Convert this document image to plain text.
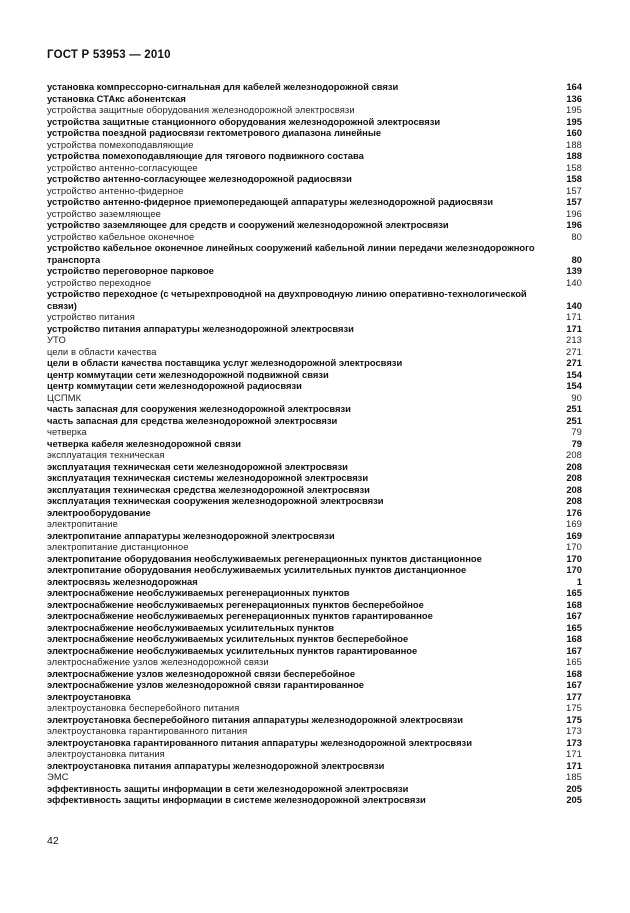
ГОСТ Р 53953 — 2010
установка компрессорно-сигнальная для кабелей железнодорожной связи	164
установка СТАкс абонентская	136
устройства защитные оборудования железнодорожной электросвязи	195
устройства защитные станционного оборудования железнодорожной электросвязи	195
устройства поездной радиосвязи гектометрового диапазона линейные	160
устройства помехоподавляющие	188
устройства помехоподавляющие для тягового подвижного состава	188
устройство антенно-согласующее	158
устройство антенно-согласующее железнодорожной радиосвязи	158
устройство антенно-фидерное	157
устройство антенно-фидерное приемопередающей аппаратуры железнодорожной радиосвязи	157
устройство заземляющее	196
устройство заземляющее для средств и сооружений железнодорожной электросвязи	196
устройство кабельное оконечное	80
устройство кабельное оконечное линейных сооружений кабельной линии передачи железнодорожного транспорта	80
устройство переговорное парковое	139
устройство переходное	140
устройство переходное (с четырехпроводной на двухпроводную линию оперативно-технологической связи)	140
устройство питания	171
устройство питания аппаратуры железнодорожной электросвязи	171
УТО	213
цели в области качества	271
цели в области качества поставщика услуг железнодорожной электросвязи	271
центр коммутации сети железнодорожной подвижной связи	154
центр коммутации сети железнодорожной радиосвязи	154
ЦСПМК	90
часть запасная для сооружения железнодорожной электросвязи	251
часть запасная для средства железнодорожной электросвязи	251
четверка	79
четверка кабеля железнодорожной связи	79
эксплуатация техническая	208
эксплуатация техническая сети железнодорожной электросвязи	208
эксплуатация техническая системы железнодорожной электросвязи	208
эксплуатация техническая средства железнодорожной электросвязи	208
эксплуатация техническая сооружения железнодорожной электросвязи	208
электрооборудование	176
электропитание	169
электропитание аппаратуры железнодорожной электросвязи	169
электропитание дистанционное	170
электропитание оборудования необслуживаемых регенерационных пунктов дистанционное	170
электропитание оборудования необслуживаемых усилительных пунктов дистанционное	170
электросвязь железнодорожная	1
электроснабжение необслуживаемых регенерационных пунктов	165
электроснабжение необслуживаемых регенерационных пунктов бесперебойное	168
электроснабжение необслуживаемых регенерационных пунктов гарантированное	167
электроснабжение необслуживаемых усилительных пунктов	165
электроснабжение необслуживаемых усилительных пунктов бесперебойное	168
электроснабжение необслуживаемых усилительных пунктов гарантированное	167
электроснабжение узлов железнодорожной связи	165
электроснабжение узлов железнодорожной связи бесперебойное	168
электроснабжение узлов железнодорожной связи гарантированное	167
электроустановка	177
электроустановка бесперебойного питания	175
электроустановка бесперебойного питания аппаратуры железнодорожной электросвязи	175
электроустановка гарантированного питания	173
электроустановка гарантированного питания аппаратуры железнодорожной электросвязи	173
электроустановка питания	171
электроустановка питания аппаратуры железнодорожной электросвязи	171
ЭМС	185
эффективность защиты информации в сети железнодорожной электросвязи	205
эффективность защиты информации в системе железнодорожной электросвязи	205
42
